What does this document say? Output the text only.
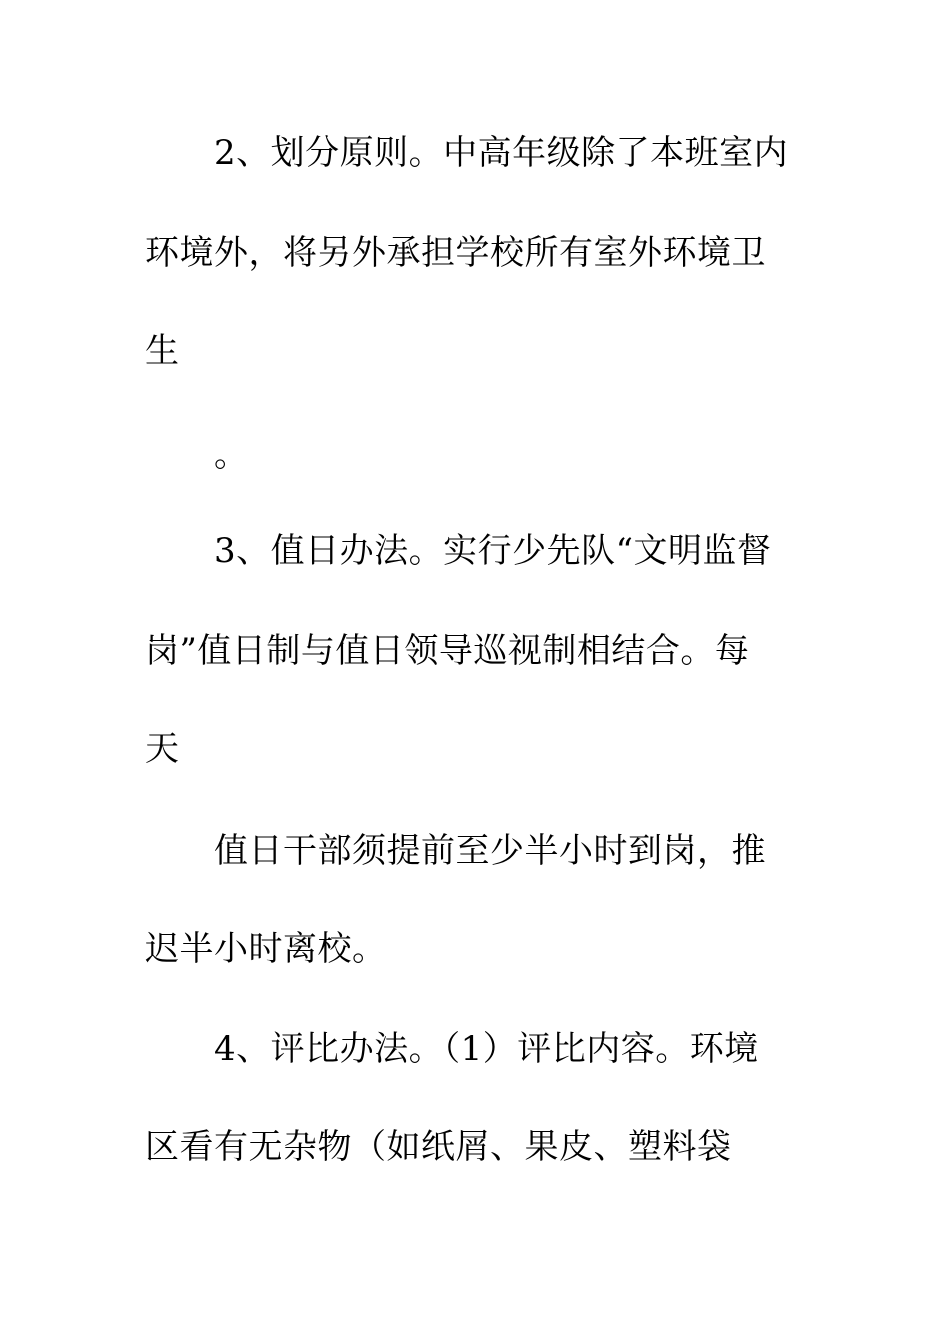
2、划分原则。中高年级除了本班室内
环境外，将另外承担学校所有室外环境卫
生
。
3、值日办法。实行少先队“文明监督
岗”值日制与值日领导巡视制相结合。每
天
值日干部须提前至少半小时到岗，推
迟半小时离校。
4、评比办法。（1）评比内容。环境
区看有无杂物（如纸屑、果皮、塑料袋
